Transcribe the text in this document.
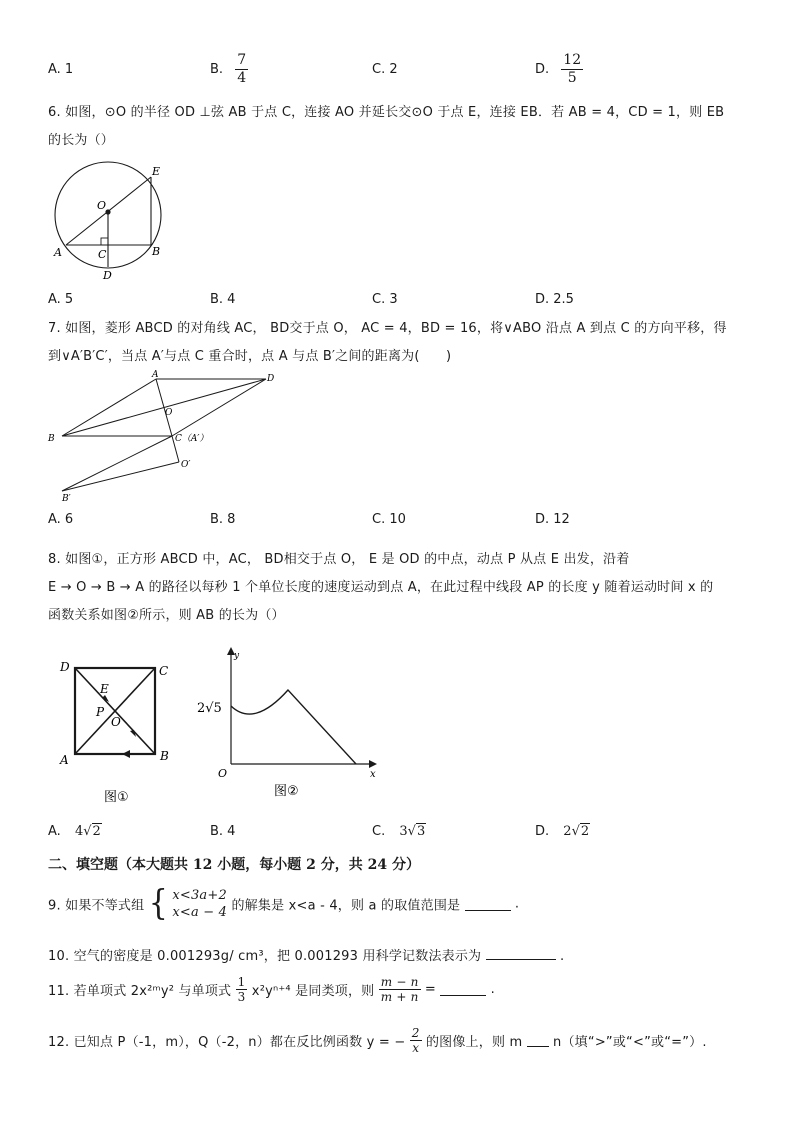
A. 1	B. $\frac{7}{4}$	C. 2	D. $\frac{12}{5}$
6. 如图，⊙O 的半径 OD ⊥弦 AB 于点 C，连接 AO 并延长交⊙O 于点 E，连接 EB．若 AB = 4，CD = 1，则 EB
的长为（）
E
O
A	C	B
D
A. 5	B. 4	C. 3	D. 2.5
7. 如图，菱形 ABCD 的对角线 AC， BD交于点 O， AC = 4，BD = 16，将∨ABO 沿点 A 到点 C 的方向平移，得
到∨A′B′C′，当点 A′与点 C 重合时，点 A 与点 B′之间的距离为(　　)
A	D
O
B	C（A′）
O′
B′
A. 6	B. 8	C. 10	D. 12
8. 如图①，正方形 ABCD 中，AC， BD相交于点 O， E 是 OD 的中点，动点 P 从点 E 出发，沿着
E → O → B → A 的路径以每秒 1 个单位长度的速度运动到点 A，在此过程中线段 AP 的长度 y 随着运动时间 x 的
函数关系如图②所示，则 AB 的长为（）
D	C
E
P
O
A	B
图①
y
2√5
O	x
图②
A. 4√2	B. 4	C. 3√3	D. 2√2
二、填空题（本大题共 12 小题，每小题 2 分，共 24 分）
9. 如果不等式组 { x<3a+2
x<a − 4 的解集是 x<a - 4，则 a 的取值范围是	.
10. 空气的密度是 0.001293g/ cm³，把 0.001293 用科学记数法表示为	.
11. 若单项式 2x²ᵐy² 与单项式 $\frac{1}{3} x^2y^{n+4}$ 是同类项，则 $\frac{m - n}{m + n}$ =	.
12. 已知点 P（-1，m），Q（-2，n）都在反比例函数 y = − $\frac{2}{x}$ 的图像上，则 m n（填“>”或“<”或“=”）.
